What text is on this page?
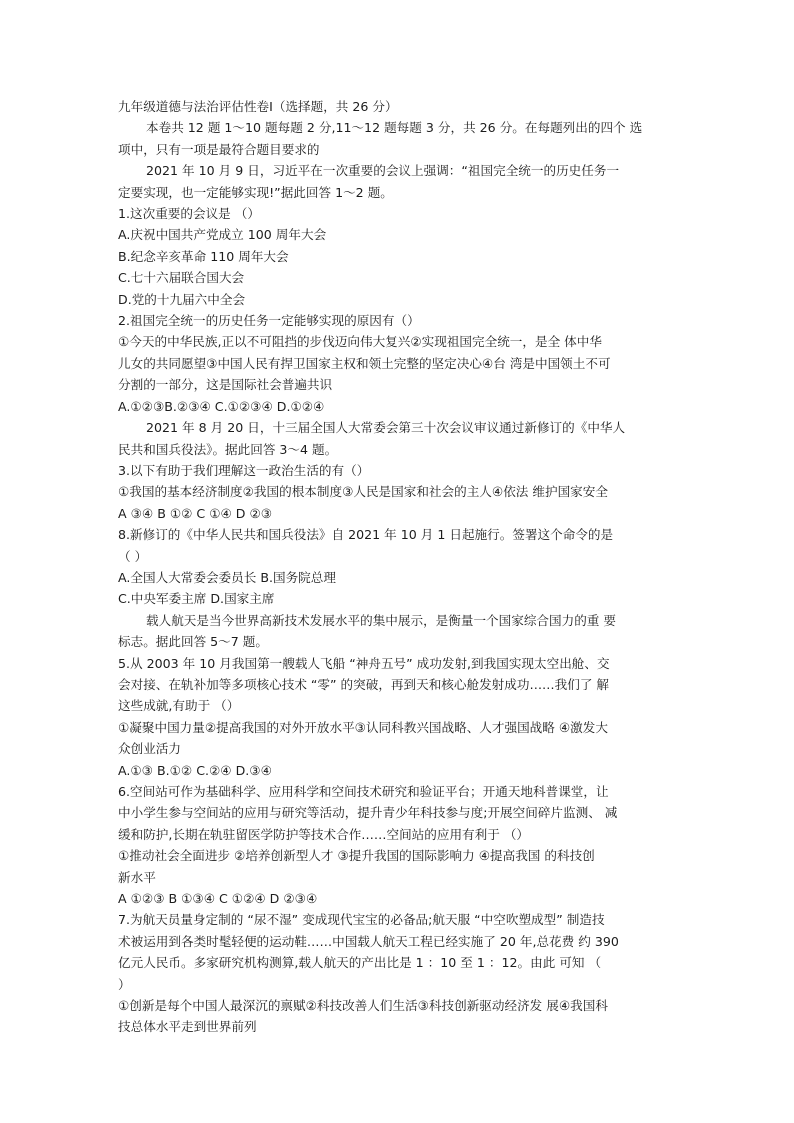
九年级道德与法治评估性卷Ⅰ（选择题，共 26 分）
本卷共 12 题 1～10 题每题 2 分,11～12 题每题 3 分，共 26 分。在每题列出的四个 选
项中，只有一项是最符合题目要求的
2021 年 10 月 9 日，习近平在一次重要的会议上强调：“祖国完全统一的历史任务一
定要实现，也一定能够实现!”据此回答 1～2 题。
1.这次重要的会议是 （）
A.庆祝中国共产党成立 100 周年大会
B.纪念辛亥革命 110 周年大会
C.七十六届联合国大会
D.党的十九届六中全会
2.祖国完全统一的历史任务一定能够实现的原因有（）
①今天的中华民族,正以不可阻挡的步伐迈向伟大复兴②实现祖国完全统一，是全 体中华
儿女的共同愿望③中国人民有捍卫国家主权和领土完整的坚定决心④台 湾是中国领土不可
分割的一部分，这是国际社会普遍共识
A.①②③B.②③④ C.①②③④ D.①②④
2021 年 8 月 20 日，十三届全国人大常委会第三十次会议审议通过新修订的《中华人
民共和国兵役法》。据此回答 3～4 题。
3.以下有助于我们理解这一政治生活的有（）
①我国的基本经济制度②我国的根本制度③人民是国家和社会的主人④依法 维护国家安全
A ③④ B ①② C ①④ D ②③
8.新修订的《中华人民共和国兵役法》自 2021 年 10 月 1 日起施行。签署这个命令的是
（ ）
A.全国人大常委会委员长 B.国务院总理
C.中央军委主席 D.国家主席
载人航天是当今世界高新技术发展水平的集中展示，是衡量一个国家综合国力的重 要
标志。据此回答 5～7 题。
5.从 2003 年 10 月我国第一艘载人飞船 “神舟五号” 成功发射,到我国实现太空出舱、交
会对接、在轨补加等多项核心技术 “零” 的突破，再到天和核心舱发射成功……我们了 解
这些成就,有助于 （）
①凝聚中国力量②提高我国的对外开放水平③认同科教兴国战略、人才强国战略 ④激发大
众创业活力
A.①③ B.①② C.②④ D.③④
6.空间站可作为基础科学、应用科学和空间技术研究和验证平台；开通天地科普课堂，让
中小学生参与空间站的应用与研究等活动，提升青少年科技参与度;开展空间碎片监测、 减
缓和防护,长期在轨驻留医学防护等技术合作……空间站的应用有利于 （）
①推动社会全面进步 ②培养创新型人才 ③提升我国的国际影响力 ④提高我国 的科技创
新水平
A ①②③ B ①③④ C ①②④ D ②③④
7.为航天员量身定制的 “尿不湿” 变成现代宝宝的必备品;航天服 “中空吹塑成型” 制造技
术被运用到各类时髦轻便的运动鞋……中国载人航天工程已经实施了 20 年,总花费 约 390
亿元人民币。多家研究机构测算,载人航天的产出比是 1 ：10 至 1 ：12。由此 可知 （
）
①创新是每个中国人最深沉的禀赋②科技改善人们生活③科技创新驱动经济发 展④我国科
技总体水平走到世界前列
